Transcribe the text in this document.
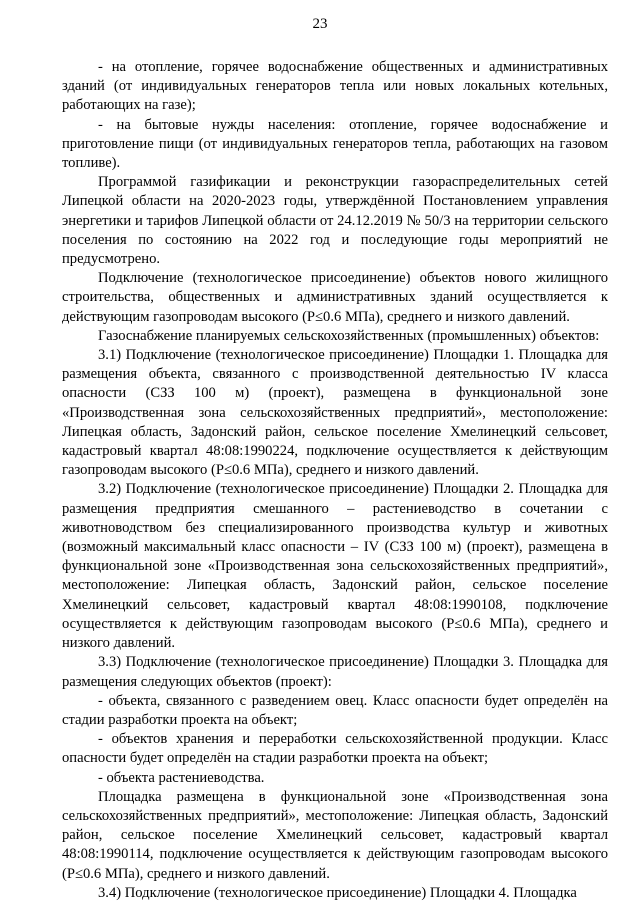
23

- на отопление, горячее водоснабжение общественных и административных зданий (от индивидуальных генераторов тепла или новых локальных котельных, работающих на газе);

- на бытовые нужды населения: отопление, горячее водоснабжение и приготовление пищи (от индивидуальных генераторов тепла, работающих на газовом топливе).

Программой газификации и реконструкции газораспределительных сетей Липецкой области на 2020-2023 годы, утверждённой Постановлением управления энергетики и тарифов Липецкой области от 24.12.2019 № 50/3 на территории сельского поселения по состоянию на 2022 год и последующие годы мероприятий не предусмотрено.

Подключение (технологическое присоединение) объектов нового жилищного строительства, общественных и административных зданий осуществляется к действующим газопроводам высокого (P≤0.6 МПа), среднего и низкого давлений.

Газоснабжение планируемых сельскохозяйственных (промышленных) объектов:

3.1) Подключение (технологическое присоединение) Площадки 1. Площадка для размещения объекта, связанного с производственной деятельностью IV класса опасности (СЗЗ 100 м) (проект), размещена в функциональной зоне «Производственная зона сельскохозяйственных предприятий», местоположение: Липецкая область, Задонский район, сельское поселение Хмелинецкий сельсовет, кадастровый квартал 48:08:1990224, подключение осуществляется к действующим газопроводам высокого (P≤0.6 МПа), среднего и низкого давлений.

3.2) Подключение (технологическое присоединение) Площадки 2. Площадка для размещения предприятия смешанного – растениеводство в сочетании с животноводством без специализированного производства культур и животных (возможный максимальный класс опасности – IV (СЗЗ 100 м) (проект), размещена в функциональной зоне «Производственная зона сельскохозяйственных предприятий», местоположение: Липецкая область, Задонский район, сельское поселение Хмелинецкий сельсовет, кадастровый квартал 48:08:1990108, подключение осуществляется к действующим газопроводам высокого (P≤0.6 МПа), среднего и низкого давлений.

3.3) Подключение (технологическое присоединение) Площадки 3. Площадка для размещения следующих объектов (проект):

- объекта, связанного с разведением овец. Класс опасности будет определён на стадии разработки проекта на объект;

- объектов хранения и переработки сельскохозяйственной продукции. Класс опасности будет определён на стадии разработки проекта на объект;

- объекта растениеводства.

Площадка размещена в функциональной зоне «Производственная зона сельскохозяйственных предприятий», местоположение: Липецкая область, Задонский район, сельское поселение Хмелинецкий сельсовет, кадастровый квартал 48:08:1990114, подключение осуществляется к действующим газопроводам высокого (P≤0.6 МПа), среднего и низкого давлений.

3.4) Подключение (технологическое присоединение) Площадки 4. Площадка
